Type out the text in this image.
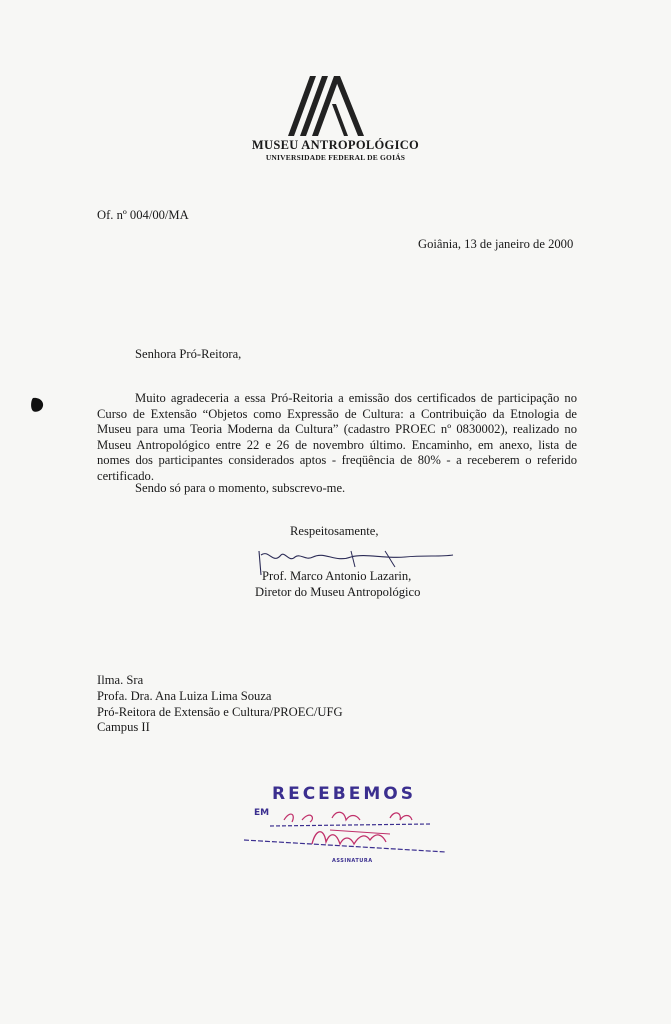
MUSEU ANTROPOLÓGICO
UNIVERSIDADE FEDERAL DE GOIÁS
Of. nº 004/00/MA
Goiânia, 13 de janeiro de 2000
Senhora Pró-Reitora,
Muito agradeceria a essa Pró-Reitoria a emissão dos certificados de participação no Curso de Extensão “Objetos como Expressão de Cultura: a Contribuição da Etnologia de Museu para uma Teoria Moderna da Cultura” (cadastro PROEC nº 0830002), realizado no Museu Antropológico entre 22 e 26 de novembro último. Encaminho, em anexo, lista de nomes dos participantes considerados aptos - freqüência de 80% - a receberem o referido certificado.
Sendo só para o momento, subscrevo-me.
Respeitosamente,
Prof. Marco Antonio Lazarin,
Diretor do Museu Antropológico
Ilma. Sra
Profa. Dra. Ana Luiza Lima Souza
Pró-Reitora de Extensão e Cultura/PROEC/UFG
Campus II
RECEBEMOS
EM
ASSINATURA
